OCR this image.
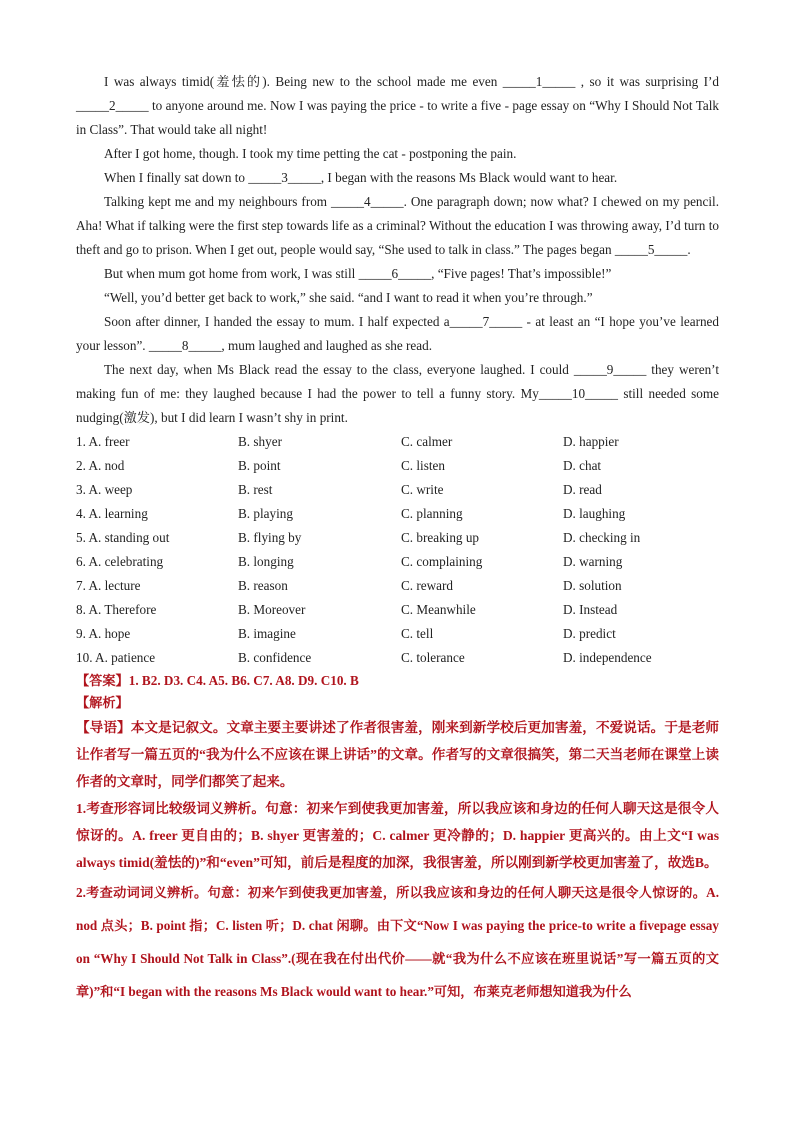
I was always timid(羞怯的). Being new to the school made me even _____1_____ , so it was surprising I’d _____2_____ to anyone around me. Now I was paying the price - to write a five - page essay on “Why I Should Not Talk in Class”. That would take all night!

After I got home, though. I took my time petting the cat - postponing the pain.

When I finally sat down to _____3_____, I began with the reasons Ms Black would want to hear.

Talking kept me and my neighbours from _____4_____. One paragraph down; now what? I chewed on my pencil. Aha! What if talking were the first step towards life as a criminal? Without the education I was throwing away, I’d turn to theft and go to prison. When I get out, people would say, “She used to talk in class.” The pages began _____5_____.

But when mum got home from work, I was still _____6_____, “Five pages! That’s impossible!”

“Well, you’d better get back to work,” she said. “and I want to read it when you’re through.”

Soon after dinner, I handed the essay to mum. I half expected a_____7_____ - at least an “I hope you’ve learned your lesson”. _____8_____, mum laughed and laughed as she read.

The next day, when Ms Black read the essay to the class, everyone laughed. I could _____9_____ they weren’t making fun of me: they laughed because I had the power to tell a funny story. My_____10_____ still needed some nudging(激发), but I did learn I wasn’t shy in print.

1. A. freer	B. shyer	C. calmer	D. happier
2. A. nod	B. point	C. listen	D. chat
3. A. weep	B. rest	C. write	D. read
4. A. learning	B. playing	C. planning	D. laughing
5. A. standing out	B. flying by	C. breaking up	D. checking in
6. A. celebrating	B. longing	C. complaining	D. warning
7. A. lecture	B. reason	C. reward	D. solution
8. A. Therefore	B. Moreover	C. Meanwhile	D. Instead
9. A. hope	B. imagine	C. tell	D. predict
10. A. patience	B. confidence	C. tolerance	D. independence

【答案】1. B2. D3. C4. A5. B6. C7. A8. D9. C10. B

【解析】

【导语】本文是记叙文。文章主要主要讲述了作者很害羞，刚来到新学校后更加害羞，不爱说话。于是老师让作者写一篇五页的“我为什么不应该在课上讲话”的文章。作者写的文章很搞笑，第二天当老师在课堂上读作者的文章时，同学们都笑了起来。

1.考查形容词比较级词义辨析。句意：初来乍到使我更加害羞，所以我应该和身边的任何人聊天这是很令人惊讶的。A. freer 更自由的；B. shyer 更害羞的；C. calmer 更冷静的；D. happier 更高兴的。由上文“I was always timid(羞怯的)”和“even”可知，前后是程度的加深，我很害羞，所以刚到新学校更加害羞了，故选B。

2.考查动词词义辨析。句意：初来乍到使我更加害羞，所以我应该和身边的任何人聊天这是很令人惊讶的。A. nod 点头；B. point 指；C. listen 听；D. chat 闲聊。由下文“Now I was paying the price-to write a fivepage essay on “Why I Should Not Talk in Class”.(现在我在付出代价——就“我为什么不应该在班里说话”写一篇五页的文章)”和“I began with the reasons Ms Black would want to hear.”可知，布莱克老师想知道我为什么
